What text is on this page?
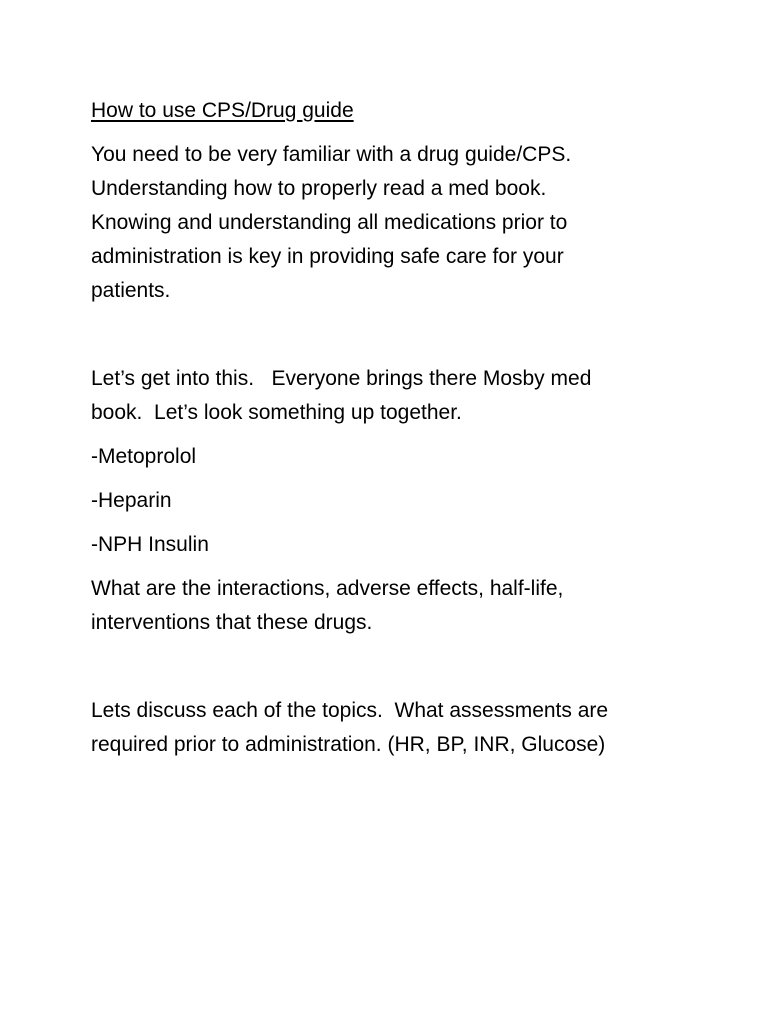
How to use CPS/Drug guide
You need to be very familiar with a drug guide/CPS.
Understanding how to properly read a med book.
Knowing and understanding all medications prior to
administration is key in providing safe care for your
patients.
Let’s get into this.   Everyone brings there Mosby med
book.  Let’s look something up together.
-Metoprolol
-Heparin
-NPH Insulin
What are the interactions, adverse effects, half-life,
interventions that these drugs.
Lets discuss each of the topics.  What assessments are
required prior to administration. (HR, BP, INR, Glucose)
